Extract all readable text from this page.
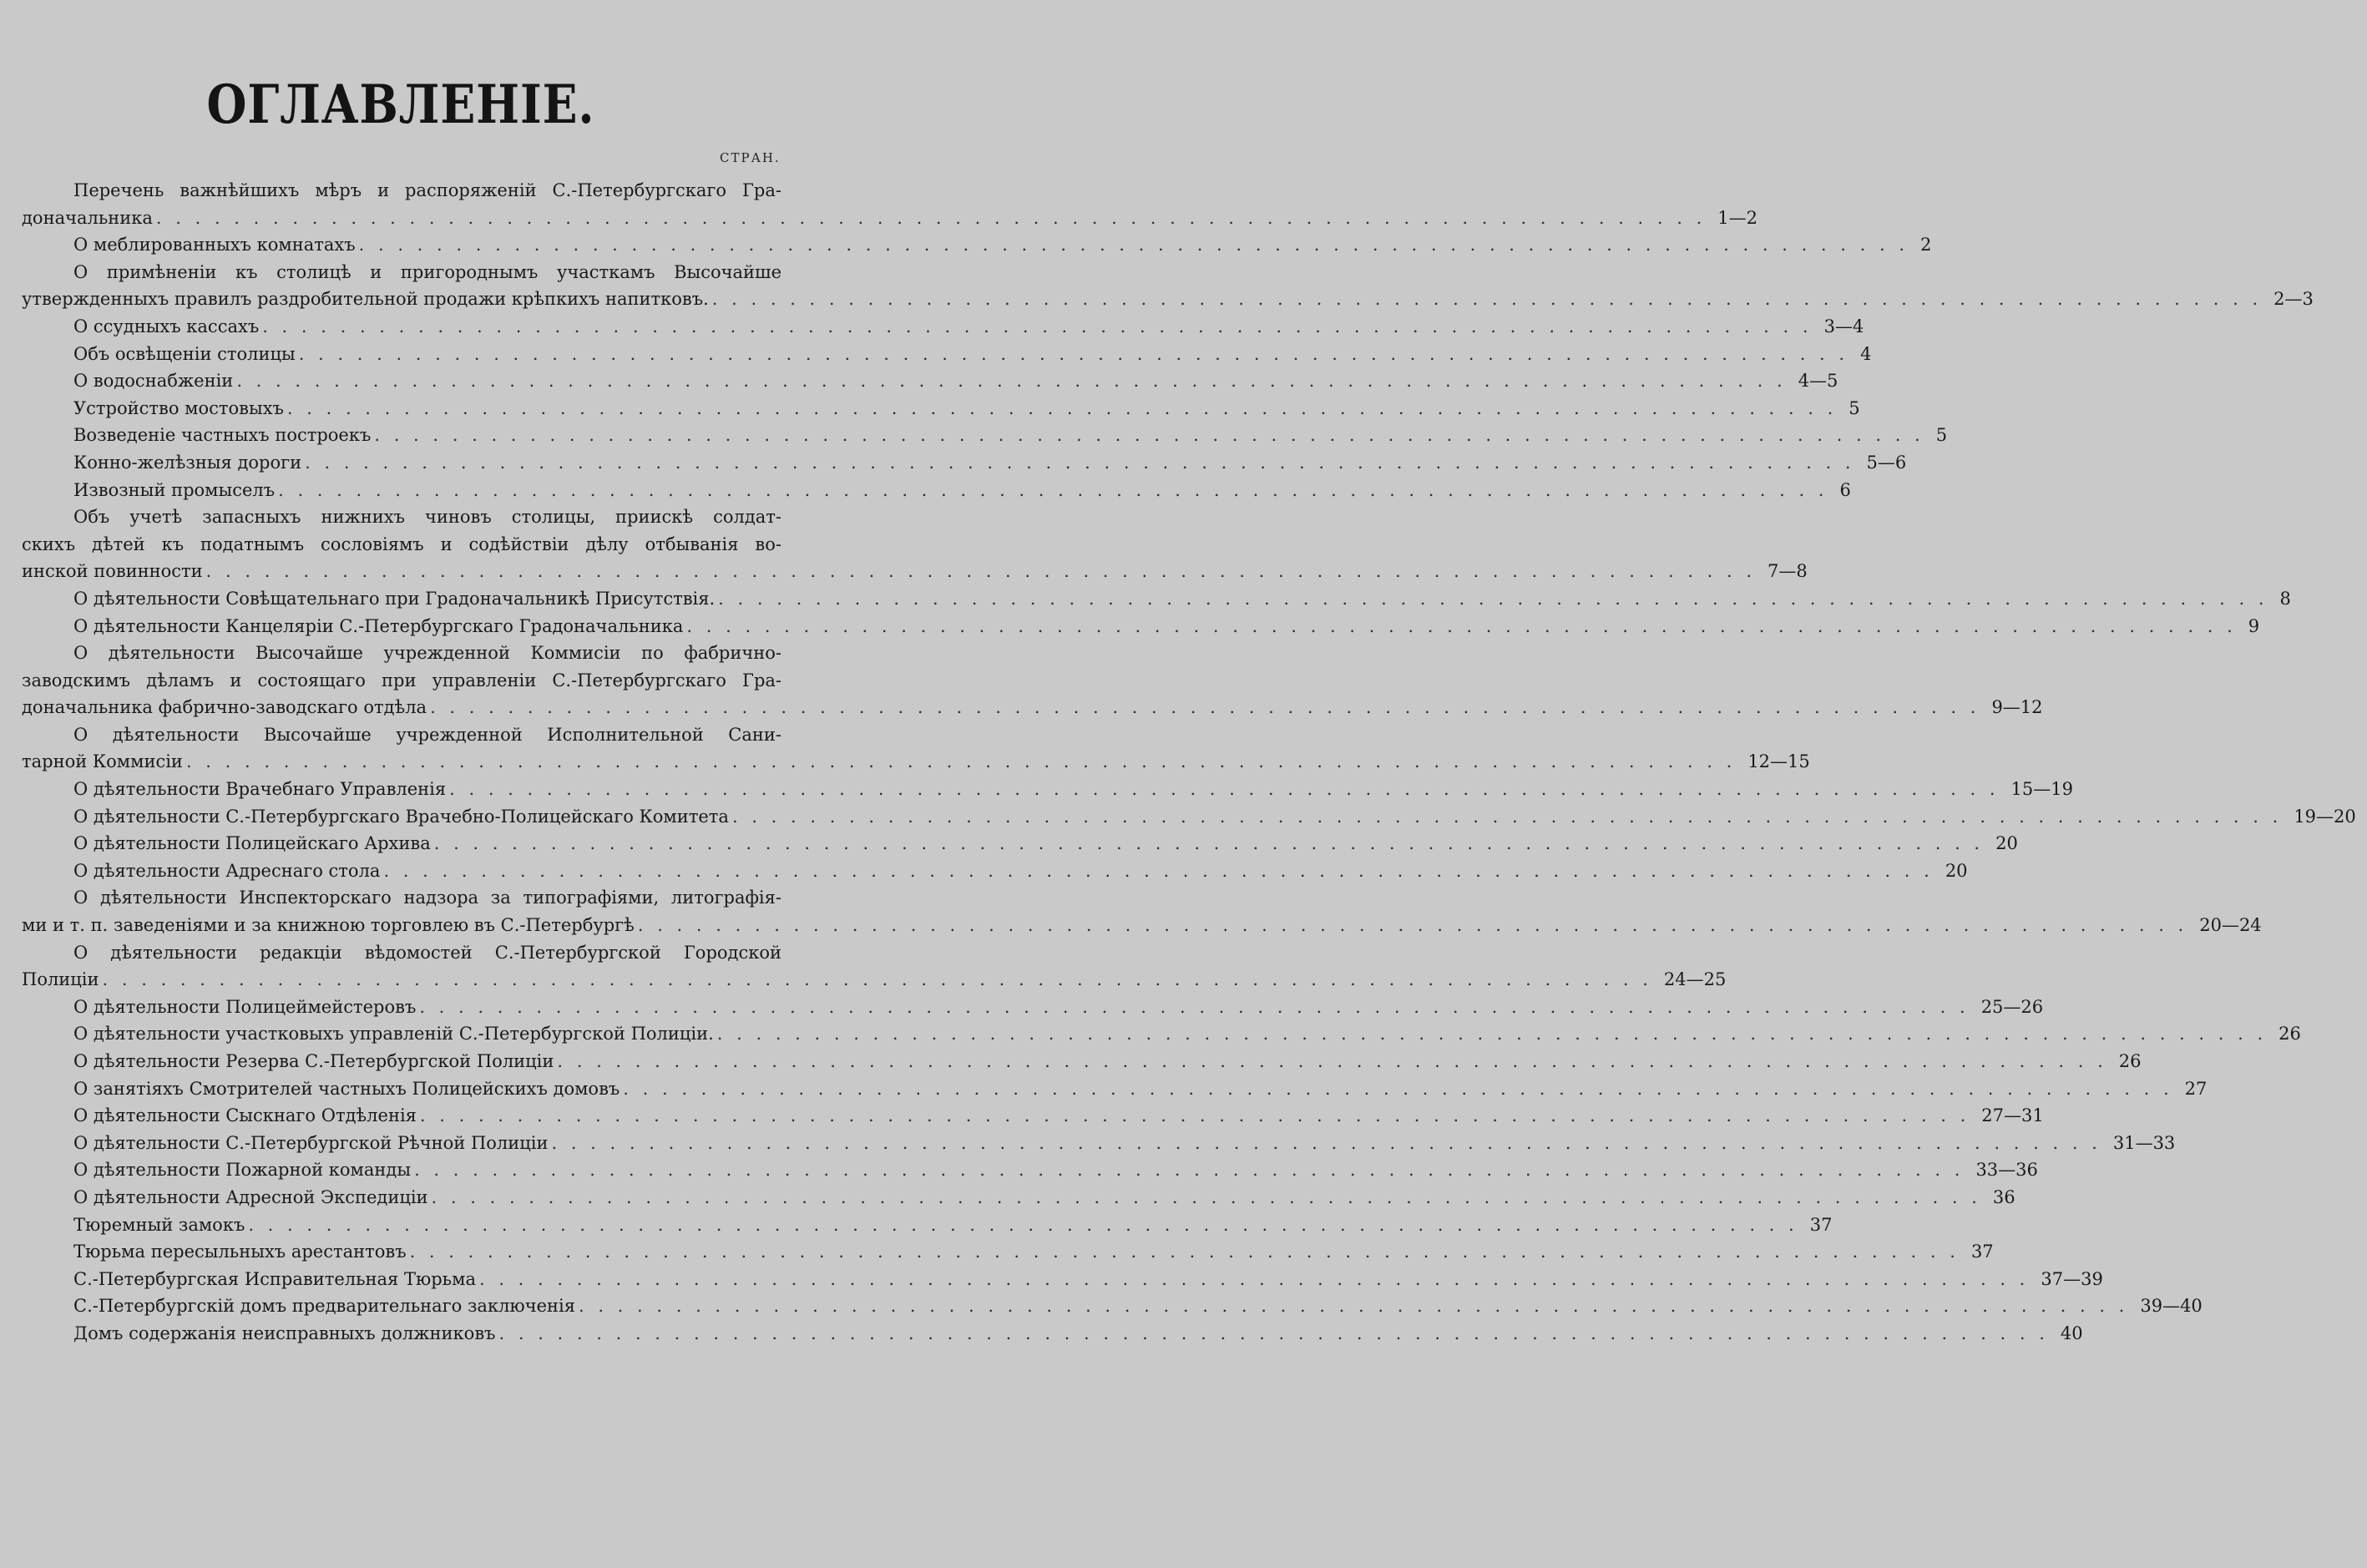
ОГЛАВЛЕНІЕ.
СТРАН.
Перечень важнѣйшихъ мѣръ и распоряженій С.-Петербургскаго Гра-
доначальника . . . . . . . . . . . . . . . . . . . . . . . . . . . . . . . . . . . . . . . . . . . . . . . . . . . . . . . . . . . . . . . . . . . . . . . . . . . . . . . . 1—2
О меблированныхъ комнатахъ . . . . . . . . . . . . . . . . . . . . . . . . . . . . . . . . . . . . . . . . . . . . . . . . . . . . . . . . . . . . . . . . . . . . . . . . . . . . . . . . 2
О примѣненіи къ столицѣ и пригороднымъ участкамъ Высочайше
утвержденныхъ правилъ раздробительной продажи крѣпкихъ напитковъ. . . . . . . . . . . . . . . . . . . . . . . . . . . . . . . . . . . . . . . . . . . . . . . . . . . . . . . . . . . . . . . . . . . . . . . . . . . . . . . . . 2—3
О ссудныхъ кассахъ . . . . . . . . . . . . . . . . . . . . . . . . . . . . . . . . . . . . . . . . . . . . . . . . . . . . . . . . . . . . . . . . . . . . . . . . . . . . . . . . 3—4
Объ освѣщеніи столицы . . . . . . . . . . . . . . . . . . . . . . . . . . . . . . . . . . . . . . . . . . . . . . . . . . . . . . . . . . . . . . . . . . . . . . . . . . . . . . . . 4
О водоснабженіи . . . . . . . . . . . . . . . . . . . . . . . . . . . . . . . . . . . . . . . . . . . . . . . . . . . . . . . . . . . . . . . . . . . . . . . . . . . . . . . . 4—5
Устройство мостовыхъ . . . . . . . . . . . . . . . . . . . . . . . . . . . . . . . . . . . . . . . . . . . . . . . . . . . . . . . . . . . . . . . . . . . . . . . . . . . . . . . . 5
Возведеніе частныхъ построекъ . . . . . . . . . . . . . . . . . . . . . . . . . . . . . . . . . . . . . . . . . . . . . . . . . . . . . . . . . . . . . . . . . . . . . . . . . . . . . . . . 5
Конно-желѣзныя дороги . . . . . . . . . . . . . . . . . . . . . . . . . . . . . . . . . . . . . . . . . . . . . . . . . . . . . . . . . . . . . . . . . . . . . . . . . . . . . . . . 5—6
Извозный промыселъ . . . . . . . . . . . . . . . . . . . . . . . . . . . . . . . . . . . . . . . . . . . . . . . . . . . . . . . . . . . . . . . . . . . . . . . . . . . . . . . . 6
Объ учетѣ запасныхъ нижнихъ чиновъ столицы, приискѣ солдат-
скихъ дѣтей къ податнымъ сословіямъ и содѣйствіи дѣлу отбыванія во-
инской повинности . . . . . . . . . . . . . . . . . . . . . . . . . . . . . . . . . . . . . . . . . . . . . . . . . . . . . . . . . . . . . . . . . . . . . . . . . . . . . . . . 7—8
О дѣятельности Совѣщательнаго при Градоначальникѣ Присутствія. . . . . . . . . . . . . . . . . . . . . . . . . . . . . . . . . . . . . . . . . . . . . . . . . . . . . . . . . . . . . . . . . . . . . . . . . . . . . . . . . 8
О дѣятельности Канцеляріи С.-Петербургскаго Градоначальника . . . . . . . . . . . . . . . . . . . . . . . . . . . . . . . . . . . . . . . . . . . . . . . . . . . . . . . . . . . . . . . . . . . . . . . . . . . . . . . . 9
О дѣятельности Высочайше учрежденной Коммисіи по фабрично-
заводскимъ дѣламъ и состоящаго при управленіи С.-Петербургскаго Гра-
доначальника фабрично-заводскаго отдѣла . . . . . . . . . . . . . . . . . . . . . . . . . . . . . . . . . . . . . . . . . . . . . . . . . . . . . . . . . . . . . . . . . . . . . . . . . . . . . . . . 9—12
О дѣятельности Высочайше учрежденной Исполнительной Сани-
тарной Коммисіи . . . . . . . . . . . . . . . . . . . . . . . . . . . . . . . . . . . . . . . . . . . . . . . . . . . . . . . . . . . . . . . . . . . . . . . . . . . . . . . . 12—15
О дѣятельности Врачебнаго Управленія . . . . . . . . . . . . . . . . . . . . . . . . . . . . . . . . . . . . . . . . . . . . . . . . . . . . . . . . . . . . . . . . . . . . . . . . . . . . . . . . 15—19
О дѣятельности С.-Петербургскаго Врачебно-Полицейскаго Комитета . . . . . . . . . . . . . . . . . . . . . . . . . . . . . . . . . . . . . . . . . . . . . . . . . . . . . . . . . . . . . . . . . . . . . . . . . . . . . . . . 19—20
О дѣятельности Полицейскаго Архива . . . . . . . . . . . . . . . . . . . . . . . . . . . . . . . . . . . . . . . . . . . . . . . . . . . . . . . . . . . . . . . . . . . . . . . . . . . . . . . . 20
О дѣятельности Адреснаго стола . . . . . . . . . . . . . . . . . . . . . . . . . . . . . . . . . . . . . . . . . . . . . . . . . . . . . . . . . . . . . . . . . . . . . . . . . . . . . . . . 20
О дѣятельности Инспекторскаго надзора за типографіями, литографія-
ми и т. п. заведеніями и за книжною торговлею въ С.-Петербургѣ . . . . . . . . . . . . . . . . . . . . . . . . . . . . . . . . . . . . . . . . . . . . . . . . . . . . . . . . . . . . . . . . . . . . . . . . . . . . . . . . 20—24
О дѣятельности редакціи вѣдомостей С.-Петербургской Городской
Полиціи . . . . . . . . . . . . . . . . . . . . . . . . . . . . . . . . . . . . . . . . . . . . . . . . . . . . . . . . . . . . . . . . . . . . . . . . . . . . . . . . 24—25
О дѣятельности Полицеймейстеровъ . . . . . . . . . . . . . . . . . . . . . . . . . . . . . . . . . . . . . . . . . . . . . . . . . . . . . . . . . . . . . . . . . . . . . . . . . . . . . . . . 25—26
О дѣятельности участковыхъ управленій С.-Петербургской Полиціи. . . . . . . . . . . . . . . . . . . . . . . . . . . . . . . . . . . . . . . . . . . . . . . . . . . . . . . . . . . . . . . . . . . . . . . . . . . . . . . . . 26
О дѣятельности Резерва С.-Петербургской Полиціи . . . . . . . . . . . . . . . . . . . . . . . . . . . . . . . . . . . . . . . . . . . . . . . . . . . . . . . . . . . . . . . . . . . . . . . . . . . . . . . . 26
О занятіяхъ Смотрителей частныхъ Полицейскихъ домовъ . . . . . . . . . . . . . . . . . . . . . . . . . . . . . . . . . . . . . . . . . . . . . . . . . . . . . . . . . . . . . . . . . . . . . . . . . . . . . . . . 27
О дѣятельности Сыскнаго Отдѣленія . . . . . . . . . . . . . . . . . . . . . . . . . . . . . . . . . . . . . . . . . . . . . . . . . . . . . . . . . . . . . . . . . . . . . . . . . . . . . . . . 27—31
О дѣятельности С.-Петербургской Рѣчной Полиціи . . . . . . . . . . . . . . . . . . . . . . . . . . . . . . . . . . . . . . . . . . . . . . . . . . . . . . . . . . . . . . . . . . . . . . . . . . . . . . . . 31—33
О дѣятельности Пожарной команды . . . . . . . . . . . . . . . . . . . . . . . . . . . . . . . . . . . . . . . . . . . . . . . . . . . . . . . . . . . . . . . . . . . . . . . . . . . . . . . . 33—36
О дѣятельности Адресной Экспедиціи . . . . . . . . . . . . . . . . . . . . . . . . . . . . . . . . . . . . . . . . . . . . . . . . . . . . . . . . . . . . . . . . . . . . . . . . . . . . . . . . 36
Тюремный замокъ . . . . . . . . . . . . . . . . . . . . . . . . . . . . . . . . . . . . . . . . . . . . . . . . . . . . . . . . . . . . . . . . . . . . . . . . . . . . . . . . 37
Тюрьма пересыльныхъ арестантовъ . . . . . . . . . . . . . . . . . . . . . . . . . . . . . . . . . . . . . . . . . . . . . . . . . . . . . . . . . . . . . . . . . . . . . . . . . . . . . . . . 37
С.-Петербургская Исправительная Тюрьма . . . . . . . . . . . . . . . . . . . . . . . . . . . . . . . . . . . . . . . . . . . . . . . . . . . . . . . . . . . . . . . . . . . . . . . . . . . . . . . . 37—39
С.-Петербургскій домъ предварительнаго заключенія . . . . . . . . . . . . . . . . . . . . . . . . . . . . . . . . . . . . . . . . . . . . . . . . . . . . . . . . . . . . . . . . . . . . . . . . . . . . . . . . 39—40
Домъ содержанія неисправныхъ должниковъ . . . . . . . . . . . . . . . . . . . . . . . . . . . . . . . . . . . . . . . . . . . . . . . . . . . . . . . . . . . . . . . . . . . . . . . . . . . . . . . . 40
